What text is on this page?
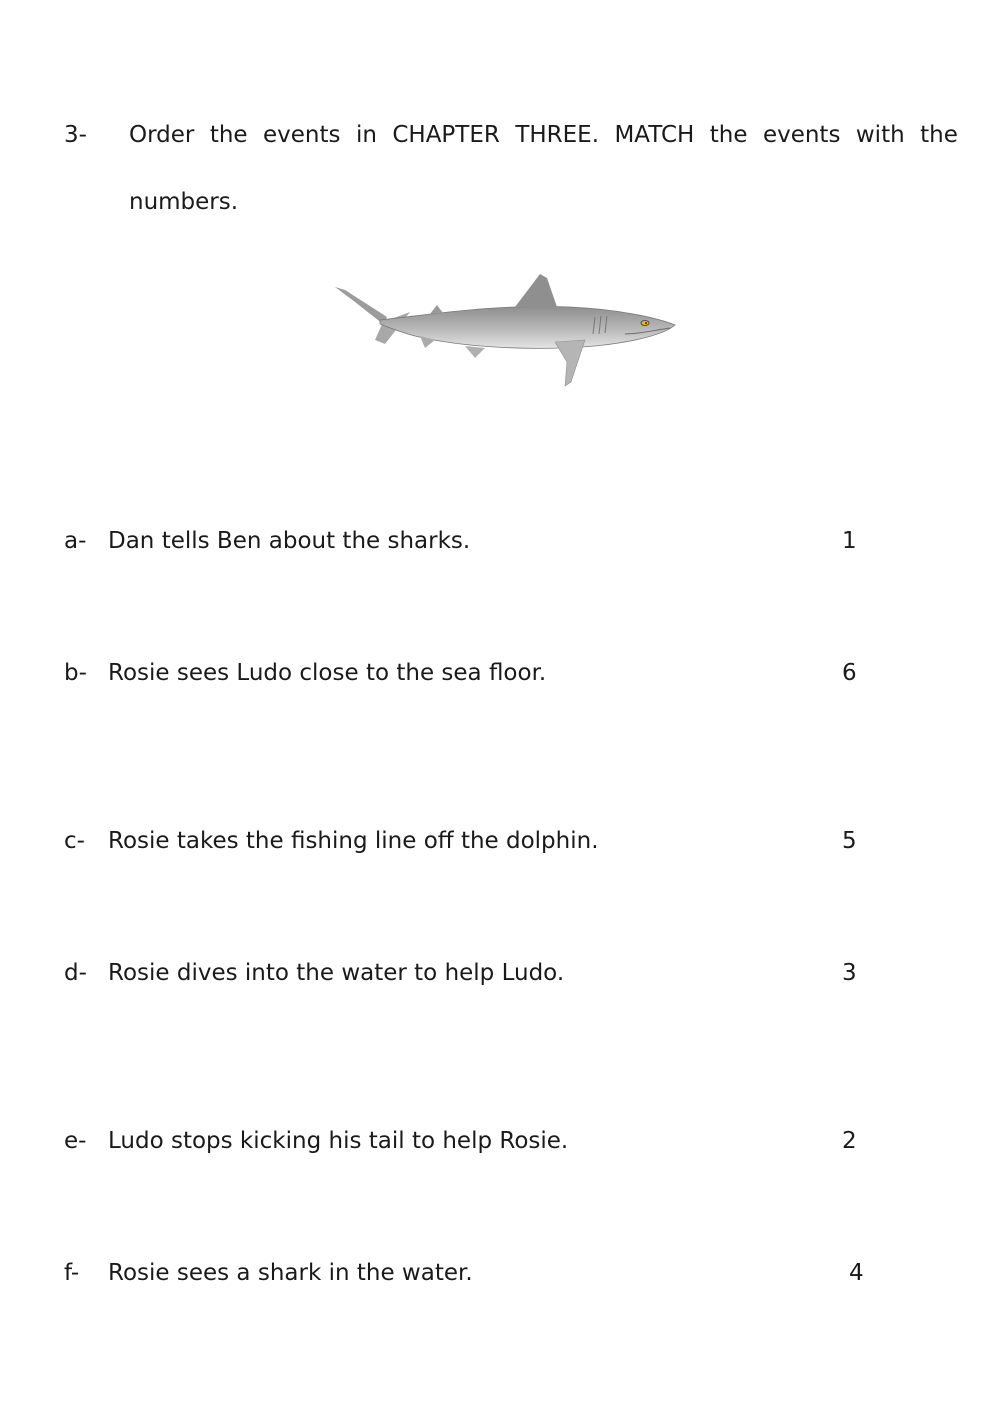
3- Order the events in CHAPTER THREE. MATCH the events with the
numbers.
a- Dan tells Ben about the sharks.	1
b- Rosie sees Ludo close to the sea floor.	6
c- Rosie takes the fishing line off the dolphin.	5
d- Rosie dives into the water to help Ludo.	3
e- Ludo stops kicking his tail to help Rosie.	2
f- Rosie sees a shark in the water.	4
